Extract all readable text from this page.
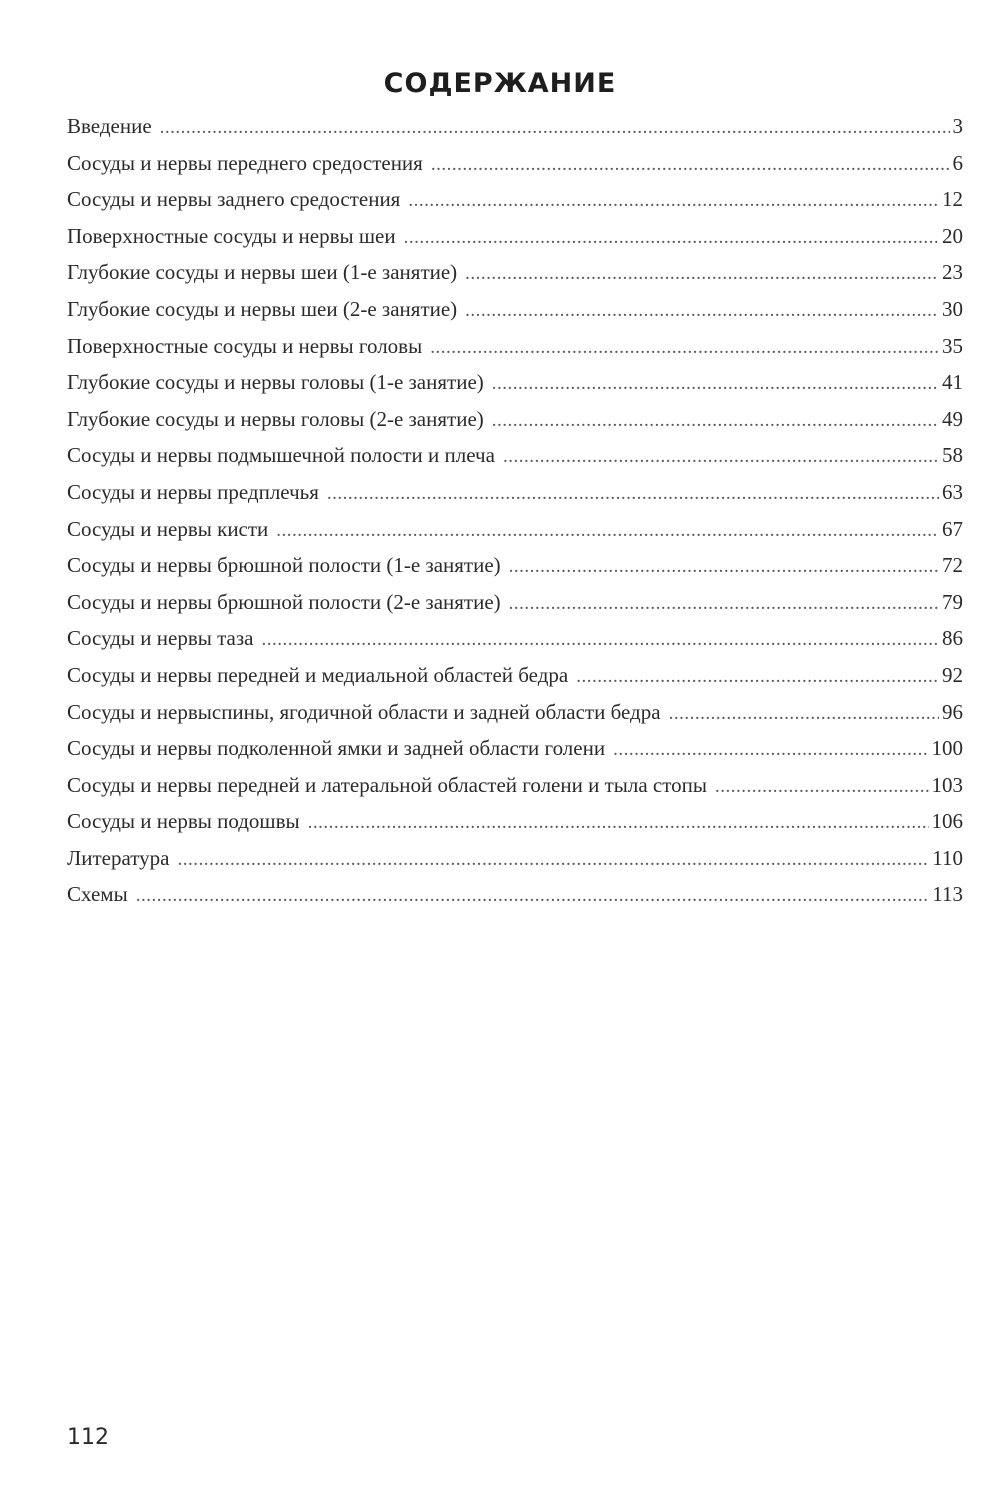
СОДЕРЖАНИЕ
Введение .....	3
Сосуды и нервы переднего средостения .....	6
Сосуды и нервы заднего средостения .....	12
Поверхностные сосуды и нервы шеи .....	20
Глубокие сосуды и нервы шеи (1-е занятие) .....	23
Глубокие сосуды и нервы шеи (2-е занятие) .....	30
Поверхностные сосуды и нервы головы .....	35
Глубокие сосуды и нервы головы (1-е занятие) .....	41
Глубокие сосуды и нервы головы (2-е занятие) .....	49
Сосуды и нервы подмышечной полости и плеча .....	58
Сосуды и нервы предплечья .....	63
Сосуды и нервы кисти .....	67
Сосуды и нервы брюшной полости (1-е занятие) .....	72
Сосуды и нервы брюшной полости (2-е занятие) .....	79
Сосуды и нервы таза .....	86
Сосуды и нервы передней и медиальной областей бедра .....	92
Сосуды и нервыспины, ягодичной области и задней области бедра .....	96
Сосуды и нервы подколенной ямки и задней области голени .....	100
Сосуды и нервы передней и латеральной областей голени и тыла стопы .....	103
Сосуды и нервы подошвы .....	106
Литература .....	110
Схемы .....	113
112
